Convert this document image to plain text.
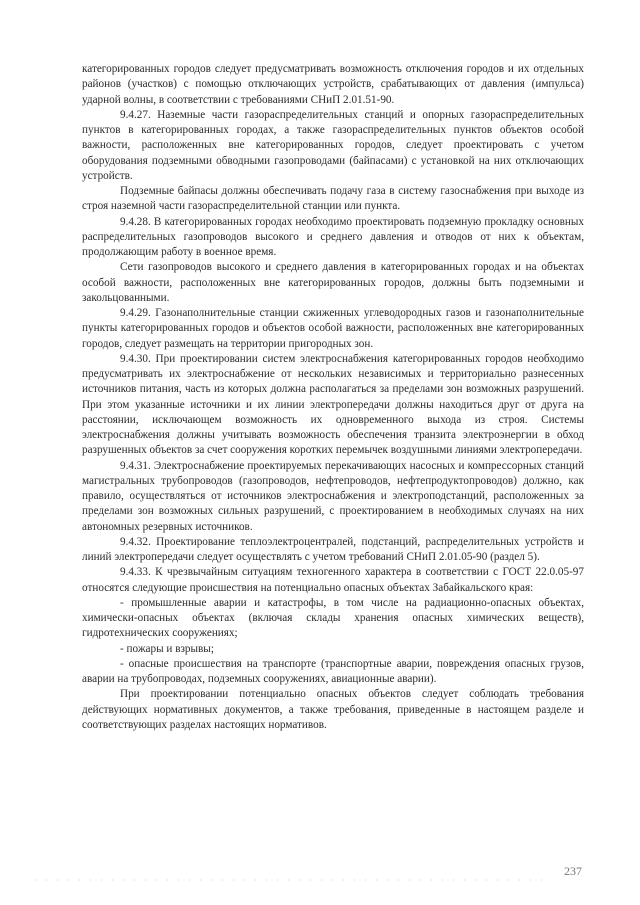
категорированных городов следует предусматривать возможность отключения городов и их отдельных районов (участков) с помощью отключающих устройств, срабатывающих от давления (импульса) ударной волны, в соответствии с требованиями СНиП 2.01.51-90.

9.4.27. Наземные части газораспределительных станций и опорных газораспределительных пунктов в категорированных городах, а также газораспределительных пунктов объектов особой важности, расположенных вне категорированных городов, следует проектировать с учетом оборудования подземными обводными газопроводами (байпасами) с установкой на них отключающих устройств.

Подземные байпасы должны обеспечивать подачу газа в систему газоснабжения при выходе из строя наземной части газораспределительной станции или пункта.

9.4.28. В категорированных городах необходимо проектировать подземную прокладку основных распределительных газопроводов высокого и среднего давления и отводов от них к объектам, продолжающим работу в военное время.

Сети газопроводов высокого и среднего давления в категорированных городах и на объектах особой важности, расположенных вне категорированных городов, должны быть подземными и закольцованными.

9.4.29. Газонаполнительные станции сжиженных углеводородных газов и газонаполнительные пункты категорированных городов и объектов особой важности, расположенных вне категорированных городов, следует размещать на территории пригородных зон.

9.4.30. При проектировании систем электроснабжения категорированных городов необходимо предусматривать их электроснабжение от нескольких независимых и территориально разнесенных источников питания, часть из которых должна располагаться за пределами зон возможных разрушений. При этом указанные источники и их линии электропередачи должны находиться друг от друга на расстоянии, исключающем возможность их одновременного выхода из строя. Системы электроснабжения должны учитывать возможность обеспечения транзита электроэнергии в обход разрушенных объектов за счет сооружения коротких перемычек воздушными линиями электропередачи.

9.4.31. Электроснабжение проектируемых перекачивающих насосных и компрессорных станций магистральных трубопроводов (газопроводов, нефтепроводов, нефтепродуктопроводов) должно, как правило, осуществляться от источников электроснабжения и электроподстанций, расположенных за пределами зон возможных сильных разрушений, с проектированием в необходимых случаях на них автономных резервных источников.

9.4.32. Проектирование теплоэлектроцентралей, подстанций, распределительных устройств и линий электропередачи следует осуществлять с учетом требований СНиП 2.01.05-90 (раздел 5).

9.4.33. К чрезвычайным ситуациям техногенного характера в соответствии с ГОСТ 22.0.05-97 относятся следующие происшествия на потенциально опасных объектах Забайкальского края:

- промышленные аварии и катастрофы, в том числе на радиационно-опасных объектах, химически-опасных объектах (включая склады хранения опасных химических веществ), гидротехнических сооружениях;

- пожары и взрывы;

- опасные происшествия на транспорте (транспортные аварии, повреждения опасных грузов, аварии на трубопроводах, подземных сооружениях, авиационные аварии).

При проектировании потенциально опасных объектов следует соблюдать требования действующих нормативных документов, а также требования, приведенные в настоящем разделе и соответствующих разделах настоящих нормативов.

237
